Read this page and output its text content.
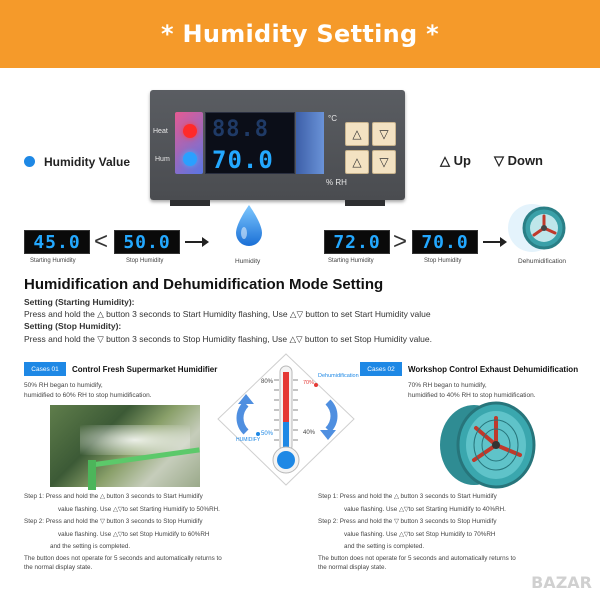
* Humidity Setting *
Heat
Hum
88.8
70.0
°C
% RH
△	▽
△	▽
Humidity Value	△ Up ▽ Down
45.0
Starting Humidity
< 50.0
Stop Humidity	Humidity
72.0
Starting Humidity
> 70.0
Stop Humidity	Dehumidification
Humidification and Dehumidification Mode Setting
Setting (Starting Humidity):
Press and hold the △ button 3 seconds to Start Humidity flashing, Use △▽ button to set Start Humidity value
Setting (Stop Humidity):
Press and hold the ▽ button 3 seconds to Stop Humidity flashing, Use △▽ button to set Stop Humidity value.
Cases 01	Control Fresh Supermarket Humidifier
50% RH began to humidify,
humidified to 60% RH to stop humidification.
Step 1: Press and hold the △ button 3 seconds to Start Humidify
value flashing. Use △▽to set Starting Humidify to 50%RH.
Step 2: Press and hold the ▽ button 3 seconds to Stop Humidify
value flashing. Use △▽to set Stop Humidify to 60%RH
and the setting is completed.
The button does not operate for 5 seconds and automatically returns to
the normal display state.
Dehumidification
80%	70%
50%	40%
HUMIDIFY
Cases 02	Workshop Control Exhaust Dehumidification
70% RH began to humidify,
humidified to 40% RH to stop humidification.
Step 1: Press and hold the △ button 3 seconds to Start Humidify
value flashing. Use △▽to set Starting Humidify to 40%RH.
Step 2: Press and hold the ▽ button 3 seconds to Stop Humidify
value flashing. Use △▽to set Stop Humidify to 70%RH
and the setting is completed.
The button does not operate for 5 seconds and automatically returns to
the normal display state.
BAZAR
